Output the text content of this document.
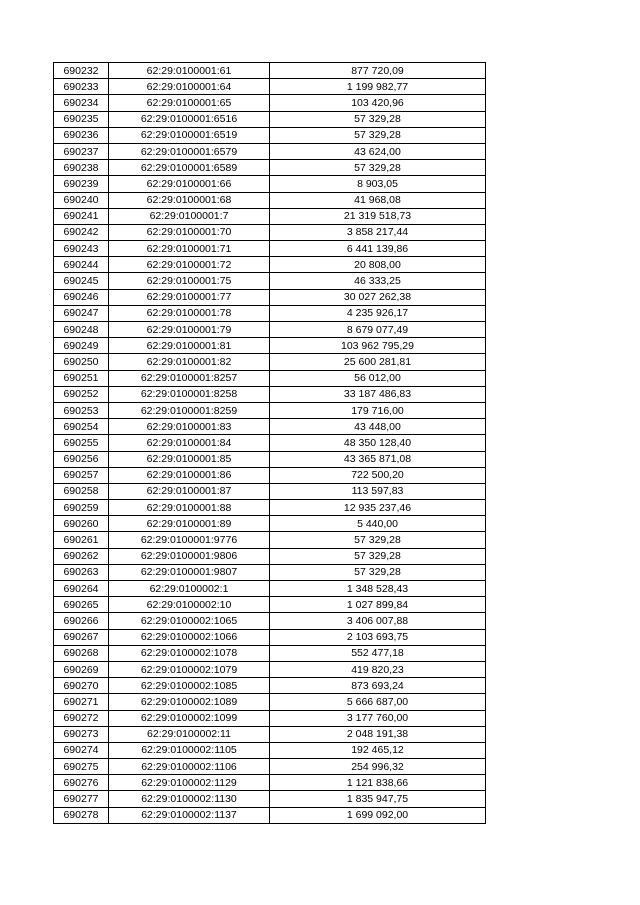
690232	62:29:0100001:61	877 720,09
690233	62:29:0100001:64	1 199 982,77
690234	62:29:0100001:65	103 420,96
690235	62:29:0100001:6516	57 329,28
690236	62:29:0100001:6519	57 329,28
690237	62:29:0100001:6579	43 624,00
690238	62:29:0100001:6589	57 329,28
690239	62:29:0100001:66	8 903,05
690240	62:29:0100001:68	41 968,08
690241	62:29:0100001:7	21 319 518,73
690242	62:29:0100001:70	3 858 217,44
690243	62:29:0100001:71	6 441 139,86
690244	62:29:0100001:72	20 808,00
690245	62:29:0100001:75	46 333,25
690246	62:29:0100001:77	30 027 262,38
690247	62:29:0100001:78	4 235 926,17
690248	62:29:0100001:79	8 679 077,49
690249	62:29:0100001:81	103 962 795,29
690250	62:29:0100001:82	25 600 281,81
690251	62:29:0100001:8257	56 012,00
690252	62:29:0100001:8258	33 187 486,83
690253	62:29:0100001:8259	179 716,00
690254	62:29:0100001:83	43 448,00
690255	62:29:0100001:84	48 350 128,40
690256	62:29:0100001:85	43 365 871,08
690257	62:29:0100001:86	722 500,20
690258	62:29:0100001:87	113 597,83
690259	62:29:0100001:88	12 935 237,46
690260	62:29:0100001:89	5 440,00
690261	62:29:0100001:9776	57 329,28
690262	62:29:0100001:9806	57 329,28
690263	62:29:0100001:9807	57 329,28
690264	62:29:0100002:1	1 348 528,43
690265	62:29:0100002:10	1 027 899,84
690266	62:29:0100002:1065	3 406 007,88
690267	62:29:0100002:1066	2 103 693,75
690268	62:29:0100002:1078	552 477,18
690269	62:29:0100002:1079	419 820,23
690270	62:29:0100002:1085	873 693,24
690271	62:29:0100002:1089	5 666 687,00
690272	62:29:0100002:1099	3 177 760,00
690273	62:29:0100002:11	2 048 191,38
690274	62:29:0100002:1105	192 465,12
690275	62:29:0100002:1106	254 996,32
690276	62:29:0100002:1129	1 121 838,66
690277	62:29:0100002:1130	1 835 947,75
690278	62:29:0100002:1137	1 699 092,00
